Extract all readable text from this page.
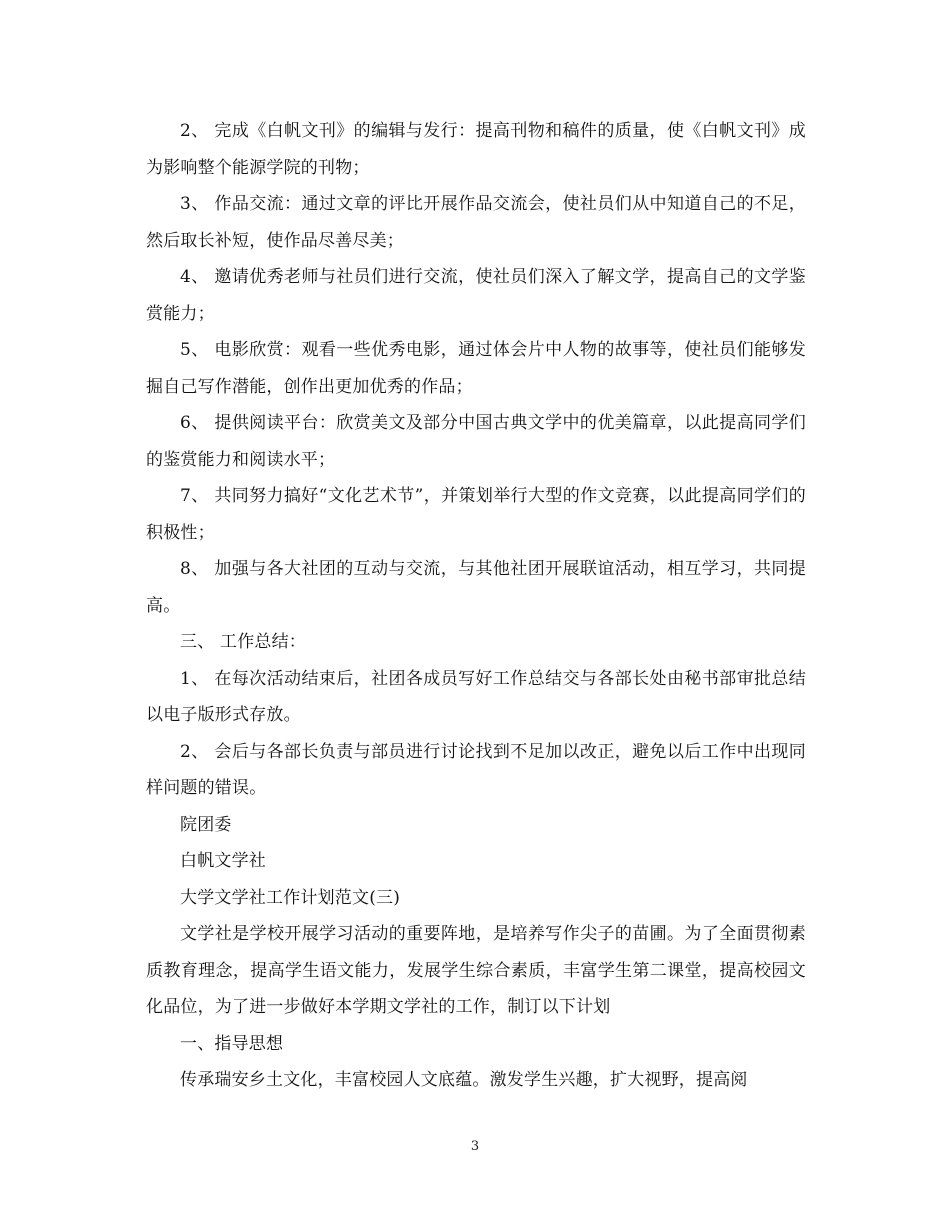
2、 完成《白帆文刊》的编辑与发行：提高刊物和稿件的质量，使《白帆文刊》成为影响整个能源学院的刊物；

3、 作品交流：通过文章的评比开展作品交流会，使社员们从中知道自己的不足，然后取长补短，使作品尽善尽美；

4、 邀请优秀老师与社员们进行交流，使社员们深入了解文学，提高自己的文学鉴赏能力；

5、 电影欣赏：观看一些优秀电影，通过体会片中人物的故事等，使社员们能够发掘自己写作潜能，创作出更加优秀的作品；

6、 提供阅读平台：欣赏美文及部分中国古典文学中的优美篇章，以此提高同学们的鉴赏能力和阅读水平；

7、 共同努力搞好“文化艺术节”，并策划举行大型的作文竞赛，以此提高同学们的积极性；

8、 加强与各大社团的互动与交流，与其他社团开展联谊活动，相互学习，共同提高。

三、 工作总结：

1、 在每次活动结束后，社团各成员写好工作总结交与各部长处由秘书部审批总结以电子版形式存放。

2、 会后与各部长负责与部员进行讨论找到不足加以改正，避免以后工作中出现同样问题的错误。

院团委

白帆文学社

大学文学社工作计划范文(三)

文学社是学校开展学习活动的重要阵地，是培养写作尖子的苗圃。为了全面贯彻素质教育理念，提高学生语文能力，发展学生综合素质，丰富学生第二课堂，提高校园文化品位，为了进一步做好本学期文学社的工作，制订以下计划

一、指导思想

传承瑞安乡土文化，丰富校园人文底蕴。激发学生兴趣，扩大视野，提高阅

3
